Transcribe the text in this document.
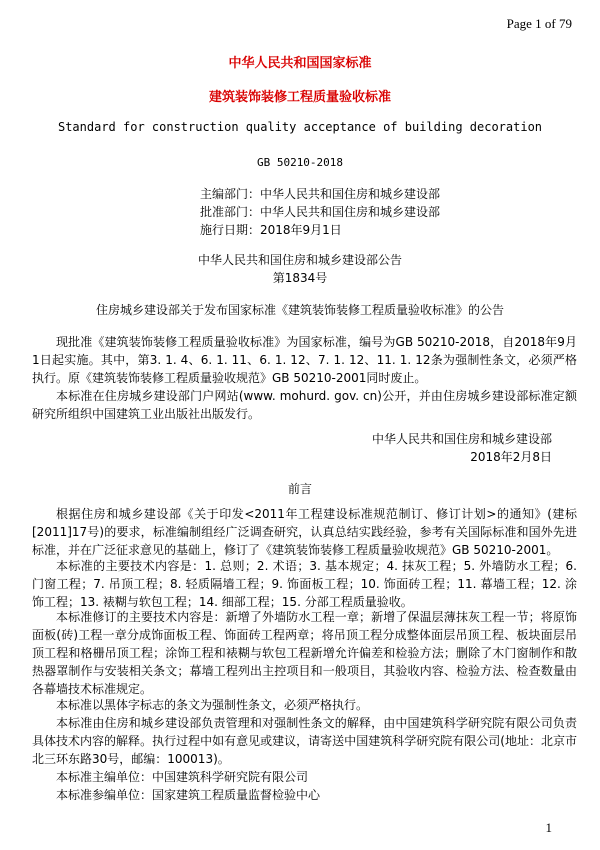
Page 1 of 79
中华人民共和国国家标准
建筑装饰装修工程质量验收标准
Standard for construction quality acceptance of building decoration
GB 50210-2018
主编部门：中华人民共和国住房和城乡建设部
批准部门：中华人民共和国住房和城乡建设部
施行日期：2018年9月1日
中华人民共和国住房和城乡建设部公告
第1834号
住房城乡建设部关于发布国家标准《建筑装饰装修工程质量验收标准》的公告

现批准《建筑装饰装修工程质量验收标准》为国家标准，编号为GB 50210-2018，自2018年9月1日起实施。其中，第3. 1. 4、6. 1. 11、6. 1. 12、7. 1. 12、11. 1. 12条为强制性条文，必须严格执行。原《建筑装饰装修工程质量验收规范》GB 50210-2001同时废止。

本标准在住房城乡建设部门户网站(www. mohurd. gov. cn)公开，并由住房城乡建设部标准定额研究所组织中国建筑工业出版社出版发行。

中华人民共和国住房和城乡建设部
2018年2月8日
前言

根据住房和城乡建设部《关于印发<2011年工程建设标准规范制订、修订计划>的通知》(建标[2011]17号)的要求，标准编制组经广泛调查研究，认真总结实践经验，参考有关国际标准和国外先进标准，并在广泛征求意见的基础上，修订了《建筑装饰装修工程质量验收规范》GB 50210-2001。

本标准的主要技术内容是：1. 总则；2. 术语；3. 基本规定；4. 抹灰工程；5. 外墙防水工程；6. 门窗工程；7. 吊顶工程；8. 轻质隔墙工程；9. 饰面板工程；10. 饰面砖工程；11. 幕墙工程；12. 涂饰工程；13. 裱糊与软包工程；14. 细部工程；15. 分部工程质量验收。

本标准修订的主要技术内容是：新增了外墙防水工程一章；新增了保温层薄抹灰工程一节；将原饰面板(砖)工程一章分成饰面板工程、饰面砖工程两章；将吊顶工程分成整体面层吊顶工程、板块面层吊顶工程和格栅吊顶工程；涂饰工程和裱糊与软包工程新增允许偏差和检验方法；删除了木门窗制作和散热器罩制作与安装相关条文；幕墙工程列出主控项目和一般项目，其验收内容、检验方法、检查数量由各幕墙技术标准规定。

本标准以黑体字标志的条文为强制性条文，必须严格执行。

本标准由住房和城乡建设部负责管理和对强制性条文的解释，由中国建筑科学研究院有限公司负责具体技术内容的解释。执行过程中如有意见或建议，请寄送中国建筑科学研究院有限公司(地址：北京市北三环东路30号，邮编：100013)。

本标准主编单位：中国建筑科学研究院有限公司

本标准参编单位：国家建筑工程质量监督检验中心

1
